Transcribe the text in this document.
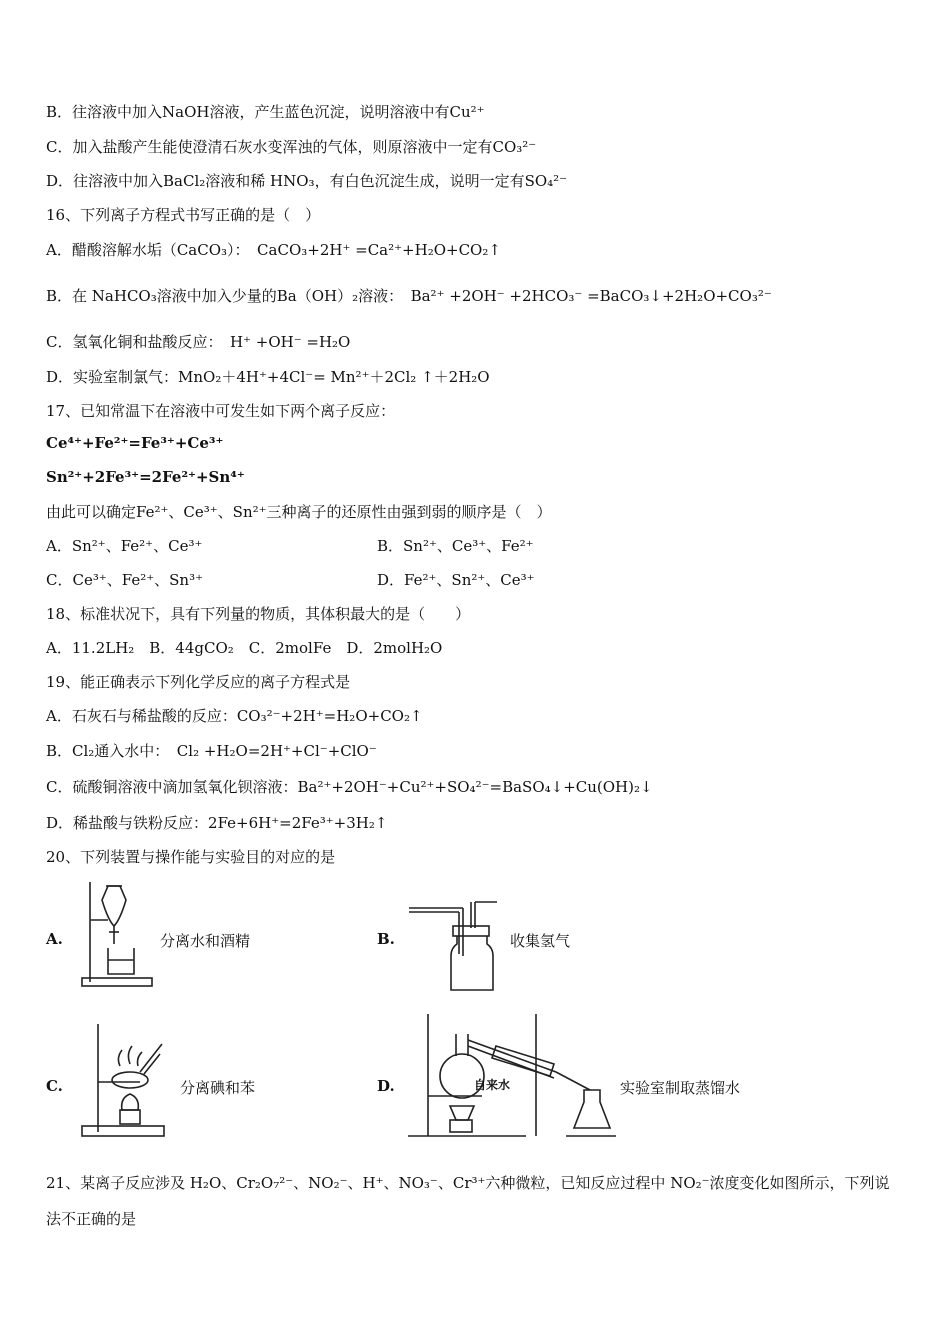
B．往溶液中加入NaOH溶液，产生蓝色沉淀，说明溶液中有Cu²⁺
C．加入盐酸产生能使澄清石灰水变浑浊的气体，则原溶液中一定有CO₃²⁻
D．往溶液中加入BaCl₂溶液和稀 HNO₃，有白色沉淀生成，说明一定有SO₄²⁻
16、下列离子方程式书写正确的是（　）
A．醋酸溶解水垢（CaCO₃）：　CaCO₃+2H⁺ =Ca²⁺+H₂O+CO₂↑
B．在 NaHCO₃溶液中加入少量的Ba（OH）₂溶液：　Ba²⁺ +2OH⁻ +2HCO₃⁻ =BaCO₃↓+2H₂O+CO₃²⁻
C．氢氧化铜和盐酸反应：　H⁺ +OH⁻ =H₂O
D．实验室制氯气：MnO₂＋4H⁺+4Cl⁻= Mn²⁺＋2Cl₂ ↑＋2H₂O
17、已知常温下在溶液中可发生如下两个离子反应：
Ce⁴⁺+Fe²⁺=Fe³⁺+Ce³⁺
Sn²⁺+2Fe³⁺=2Fe²⁺+Sn⁴⁺
由此可以确定Fe²⁺、Ce³⁺、Sn²⁺三种离子的还原性由强到弱的顺序是（　）
A．Sn²⁺、Fe²⁺、Ce³⁺	B．Sn²⁺、Ce³⁺、Fe²⁺
C．Ce³⁺、Fe²⁺、Sn³⁺	D．Fe²⁺、Sn²⁺、Ce³⁺
18、标准状况下，具有下列量的物质，其体积最大的是（　　）
A．11.2LH₂　B．44gCO₂　C．2molFe　D．2molH₂O
19、能正确表示下列化学反应的离子方程式是
A．石灰石与稀盐酸的反应：CO₃²⁻+2H⁺=H₂O+CO₂↑
B．Cl₂通入水中：　Cl₂ +H₂O=2H⁺+Cl⁻+ClO⁻
C．硫酸铜溶液中滴加氢氧化钡溶液：Ba²⁺+2OH⁻+Cu²⁺+SO₄²⁻=BaSO₄↓+Cu(OH)₂↓
D．稀盐酸与铁粉反应：2Fe+6H⁺=2Fe³⁺+3H₂↑
20、下列装置与操作能与实验目的对应的是
A.	分离水和酒精	B.	收集氢气
C.	分离碘和苯	D.	自来水	实验室制取蒸馏水
21、某离子反应涉及 H₂O、Cr₂O₇²⁻、NO₂⁻、H⁺、NO₃⁻、Cr³⁺六种微粒，已知反应过程中 NO₂⁻浓度变化如图所示，下列说
法不正确的是
